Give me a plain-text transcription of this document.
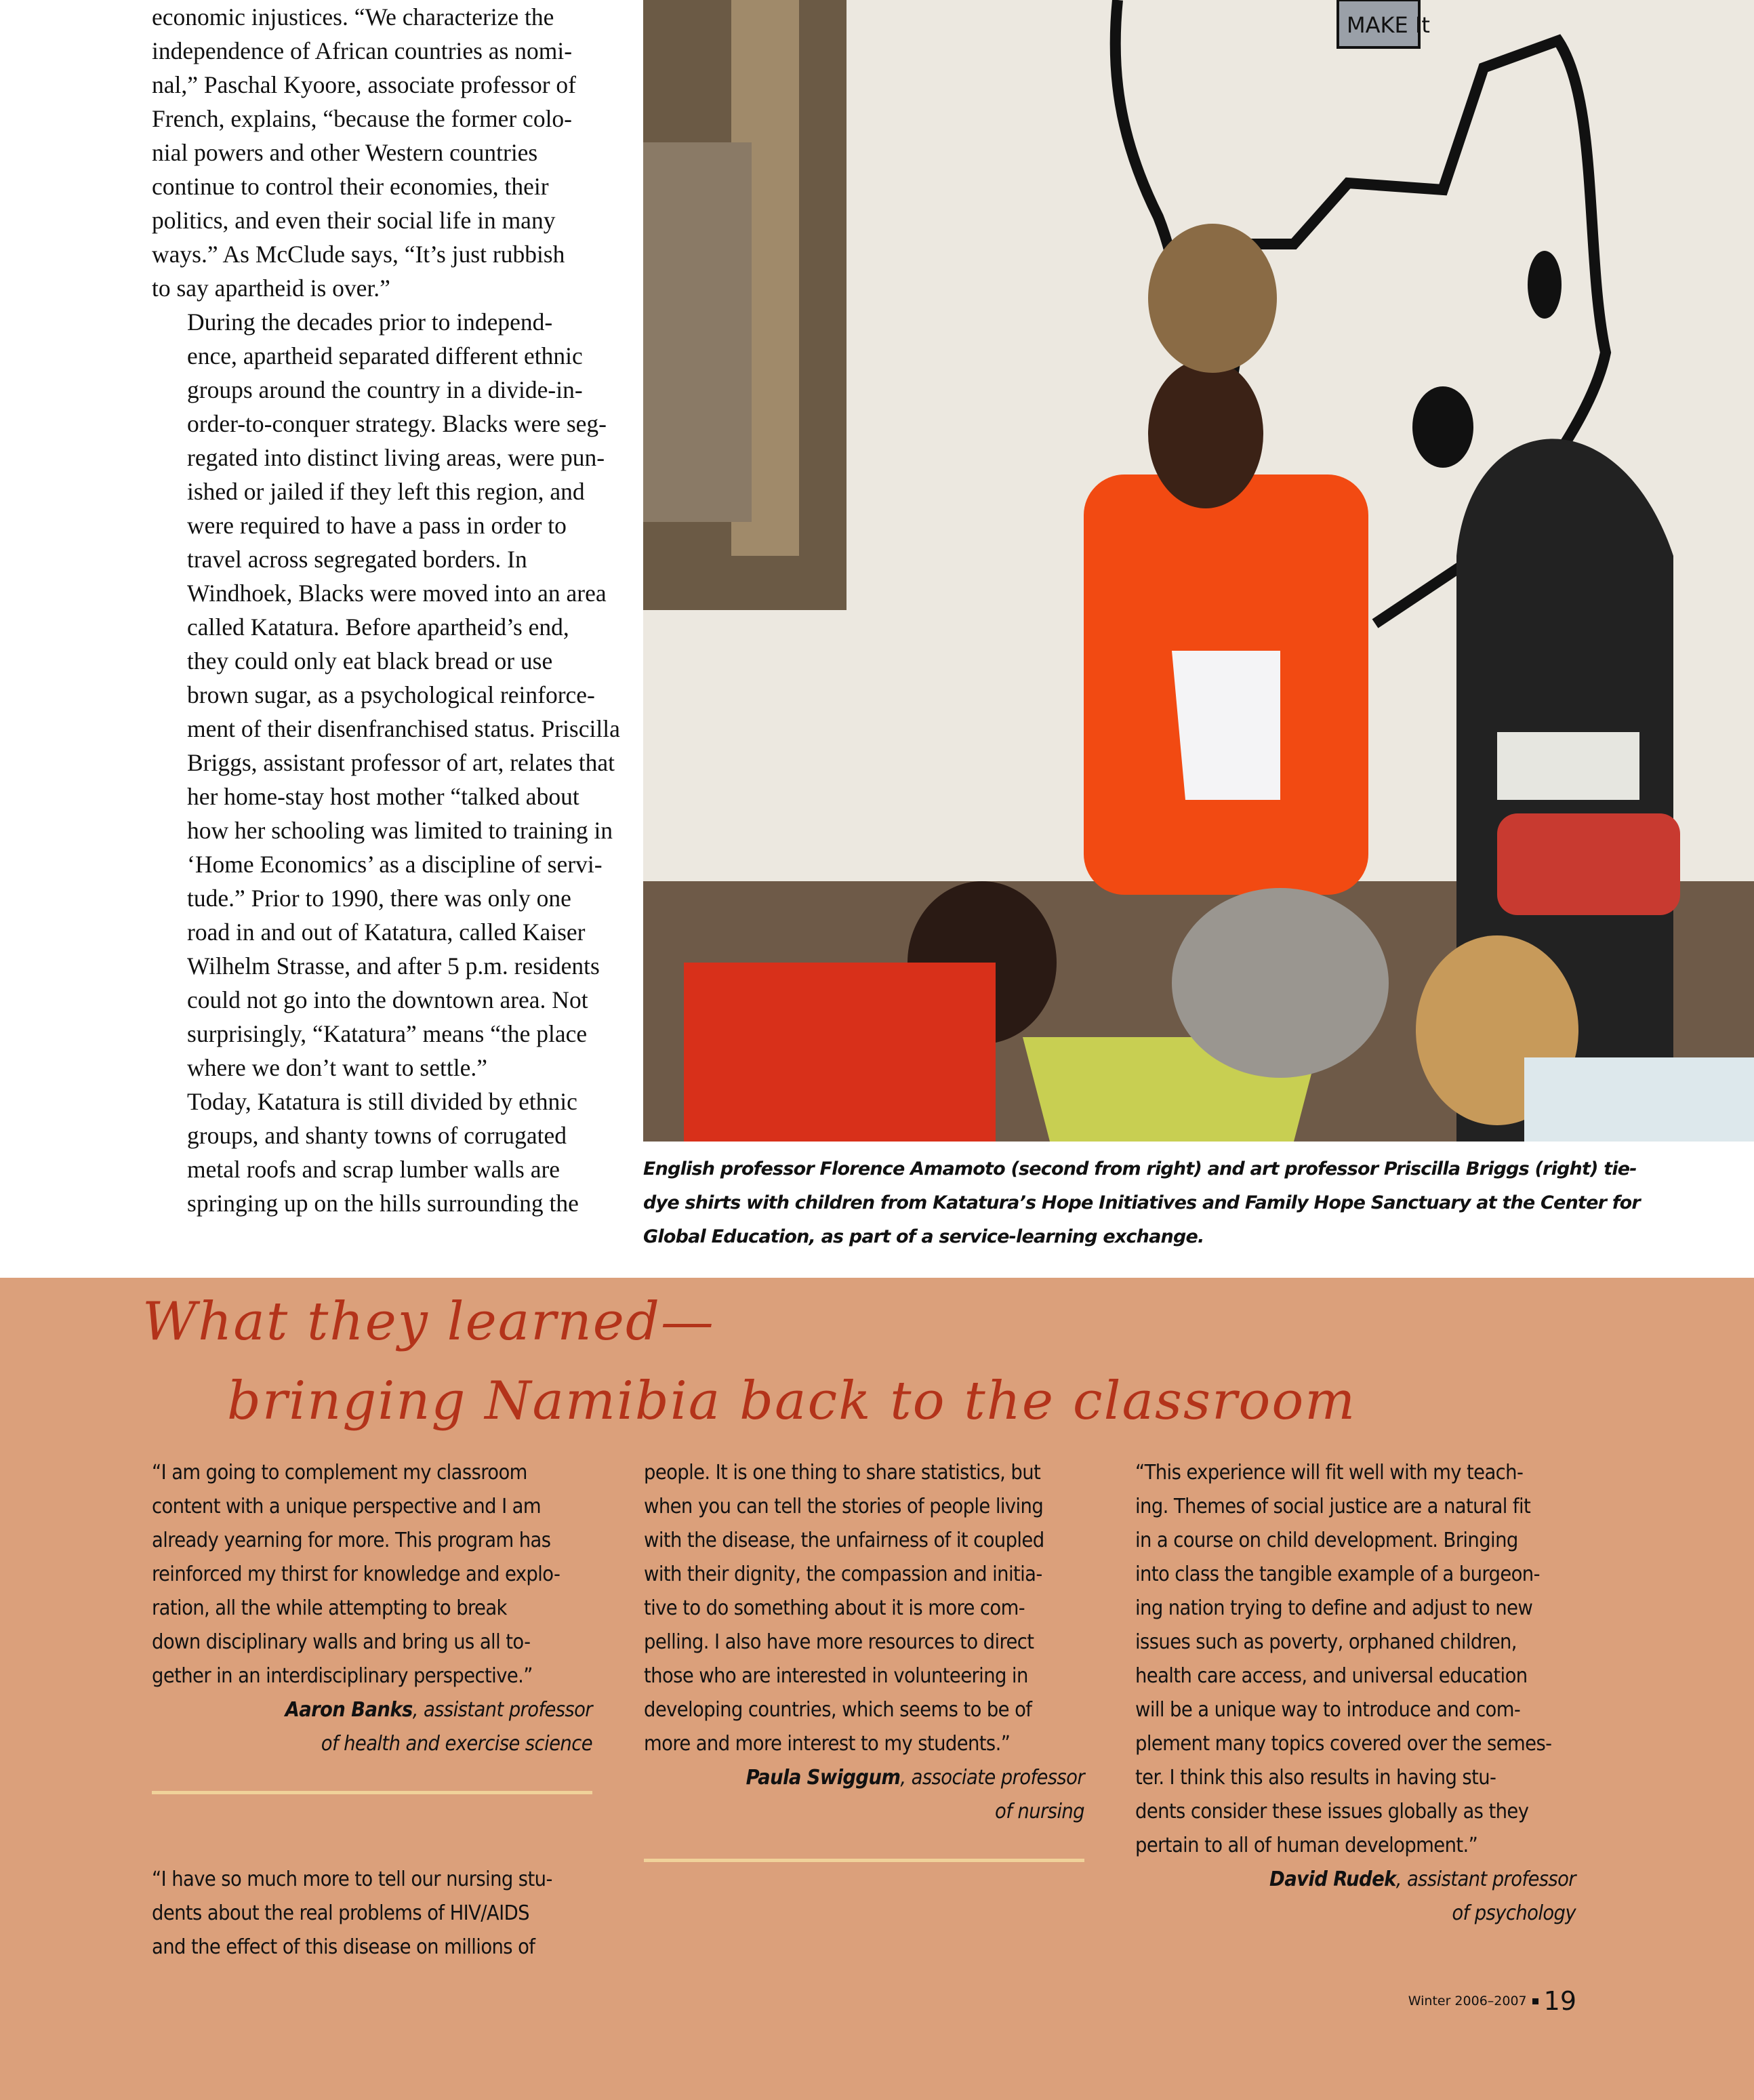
economic injustices. “We characterize the
independence of African countries as nomi-
nal,” Paschal Kyoore, associate professor of
French, explains, “because the former colo-
nial powers and other Western countries
continue to control their economies, their
politics, and even their social life in many
ways.” As McClude says, “It’s just rubbish
to say apartheid is over.”

During the decades prior to independ-
ence, apartheid separated different ethnic
groups around the country in a divide-in-
order-to-conquer strategy. Blacks were seg-
regated into distinct living areas, were pun-
ished or jailed if they left this region, and
were required to have a pass in order to
travel across segregated borders. In
Windhoek, Blacks were moved into an area
called Katatura. Before apartheid’s end,
they could only eat black bread or use
brown sugar, as a psychological reinforce-
ment of their disenfranchised status. Priscilla
Briggs, assistant professor of art, relates that
her home-stay host mother “talked about
how her schooling was limited to training in
‘Home Economics’ as a discipline of servi-
tude.” Prior to 1990, there was only one
road in and out of Katatura, called Kaiser
Wilhelm Strasse, and after 5 p.m. residents
could not go into the downtown area. Not
surprisingly, “Katatura” means “the place
where we don’t want to settle.”

Today, Katatura is still divided by ethnic
groups, and shanty towns of corrugated
metal roofs and scrap lumber walls are
springing up on the hills surrounding the

MAKE It
English professor Florence Amamoto (second from right) and art professor Priscilla Briggs (right) tie-
dye shirts with children from Katatura’s Hope Initiatives and Family Hope Sanctuary at the Center for
Global Education, as part of a service-learning exchange.
What they learned—
bringing Namibia back to the classroom
“I am going to complement my classroom
content with a unique perspective and I am
already yearning for more. This program has
reinforced my thirst for knowledge and explo-
ration, all the while attempting to break
down disciplinary walls and bring us all to-
gether in an interdisciplinary perspective.”
Aaron Banks, assistant professor
of health and exercise science
“I have so much more to tell our nursing stu-
dents about the real problems of HIV/AIDS
and the effect of this disease on millions of
people. It is one thing to share statistics, but
when you can tell the stories of people living
with the disease, the unfairness of it coupled
with their dignity, the compassion and initia-
tive to do something about it is more com-
pelling. I also have more resources to direct
those who are interested in volunteering in
developing countries, which seems to be of
more and more interest to my students.”
Paula Swiggum, associate professor
of nursing
“This experience will fit well with my teach-
ing. Themes of social justice are a natural fit
in a course on child development. Bringing
into class the tangible example of a burgeon-
ing nation trying to define and adjust to new
issues such as poverty, orphaned children,
health care access, and universal education
will be a unique way to introduce and com-
plement many topics covered over the semes-
ter. I think this also results in having stu-
dents consider these issues globally as they
pertain to all of human development.”
David Rudek, assistant professor
of psychology
Winter 2006–2007 19
